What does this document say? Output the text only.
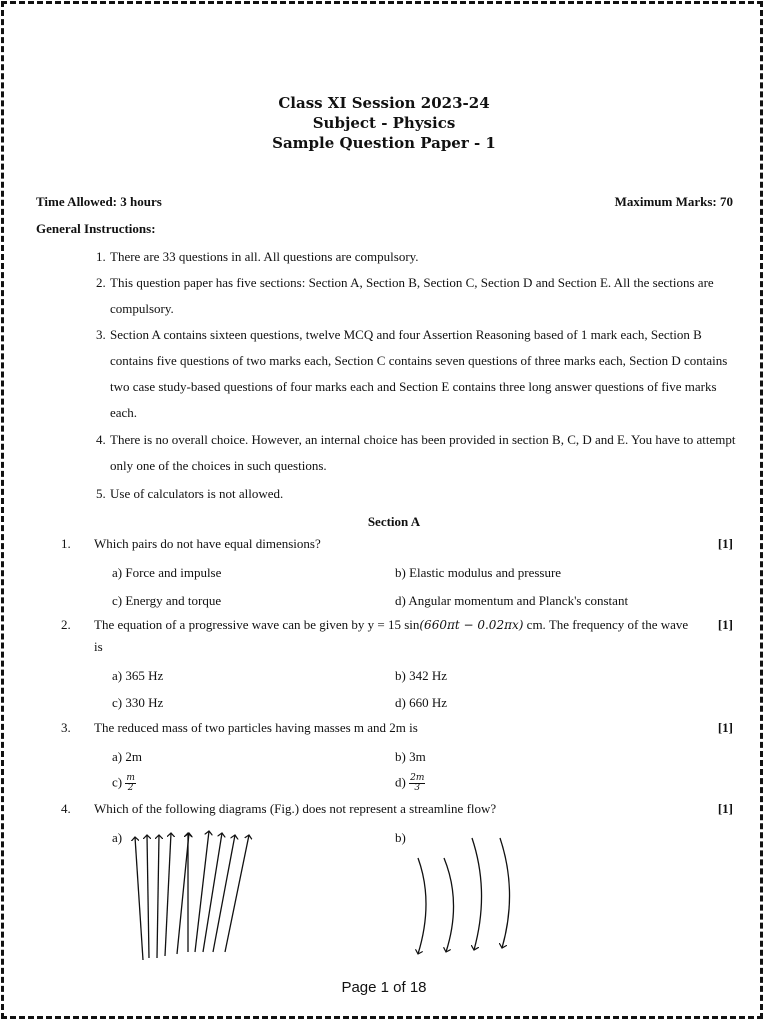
Class XI Session 2023-24
Subject - Physics
Sample Question Paper - 1
Time Allowed: 3 hours	Maximum Marks: 70
General Instructions:
1. There are 33 questions in all. All questions are compulsory.
2. This question paper has five sections: Section A, Section B, Section C, Section D and Section E. All the sections are compulsory.
3. Section A contains sixteen questions, twelve MCQ and four Assertion Reasoning based of 1 mark each, Section B contains five questions of two marks each, Section C contains seven questions of three marks each, Section D contains two case study-based questions of four marks each and Section E contains three long answer questions of five marks each.
4. There is no overall choice. However, an internal choice has been provided in section B, C, D and E. You have to attempt only one of the choices in such questions.
5. Use of calculators is not allowed.
Section A
1. Which pairs do not have equal dimensions?	[1]
a) Force and impulse	b) Elastic modulus and pressure
c) Energy and torque	d) Angular momentum and Planck's constant
2. The equation of a progressive wave can be given by y = 15 sin(660πt − 0.02πx) cm. The frequency of the wave is
[1]
a) 365 Hz	b) 342 Hz
c) 330 Hz	d) 660 Hz
3. The reduced mass of two particles having masses m and 2m is	[1]
a) 2m	b) 3m
$c) \frac{m}{2}$	$d) \frac{2m}{3}$
4. Which of the following diagrams (Fig.) does not represent a streamline flow?	[1]
a)	b)
Page 1 of 18
